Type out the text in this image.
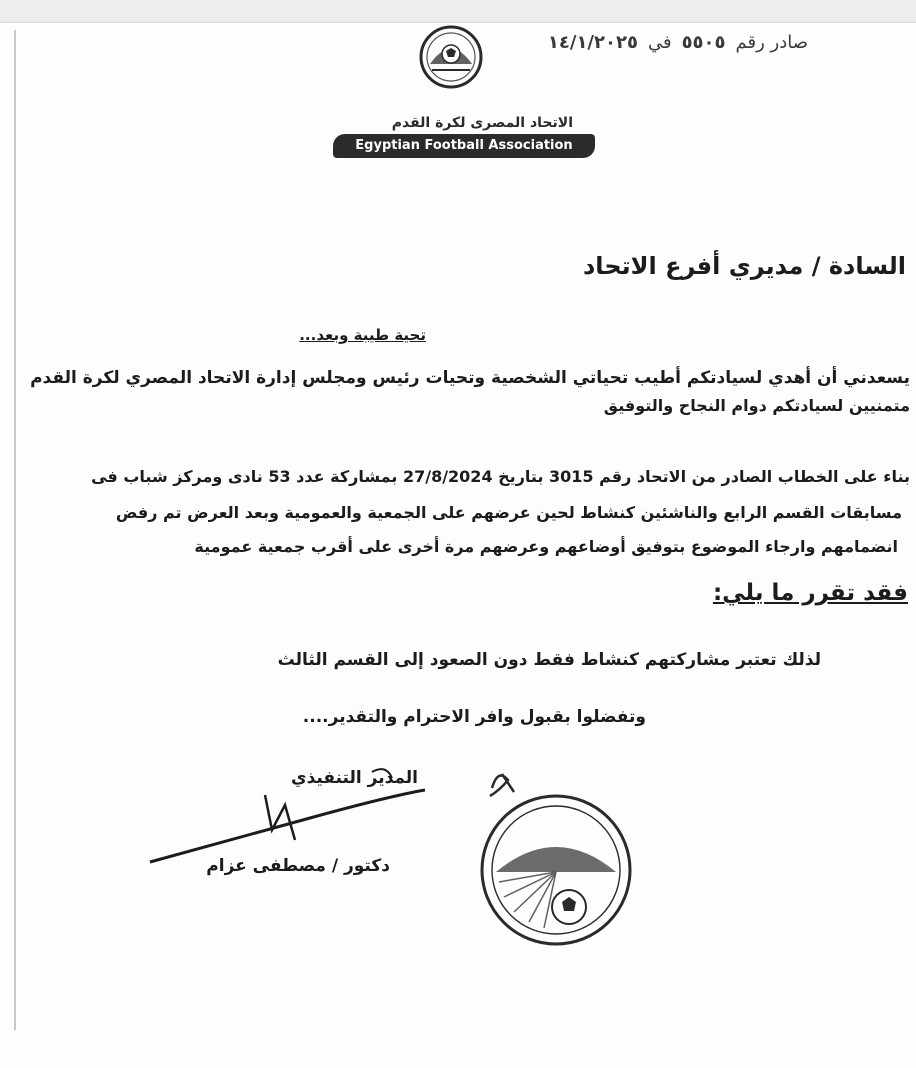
صادر رقم
٥٥٠٥
في
١٤/١/٢٠٢٥
الاتحاد المصرى لكرة القدم
Egyptian Football Association
السادة / مديري أفرع الاتحاد
تحية طيبة وبعد...
يسعدني أن أهدي لسيادتكم أطيب تحياتي الشخصية وتحيات رئيس ومجلس إدارة الاتحاد المصري لكرة القدم
متمنيين لسيادتكم دوام النجاح والتوفيق
بناء على الخطاب الصادر من الاتحاد رقم 3015 بتاريخ 27/8/2024 بمشاركة عدد 53 نادى ومركز شباب فى
مسابقات القسم الرابع والناشئين كنشاط لحين عرضهم على الجمعية والعمومية وبعد العرض تم رفض
انضمامهم وارجاء الموضوع بتوفيق أوضاعهم وعرضهم مرة أخرى على أقرب جمعية عمومية
فقد تقرر ما يلي:
لذلك تعتبر مشاركتهم كنشاط فقط دون الصعود إلى القسم الثالث
وتفضلوا بقبول وافر الاحترام والتقدير....
المدير التنفيذي
دكتور / مصطفى عزام
